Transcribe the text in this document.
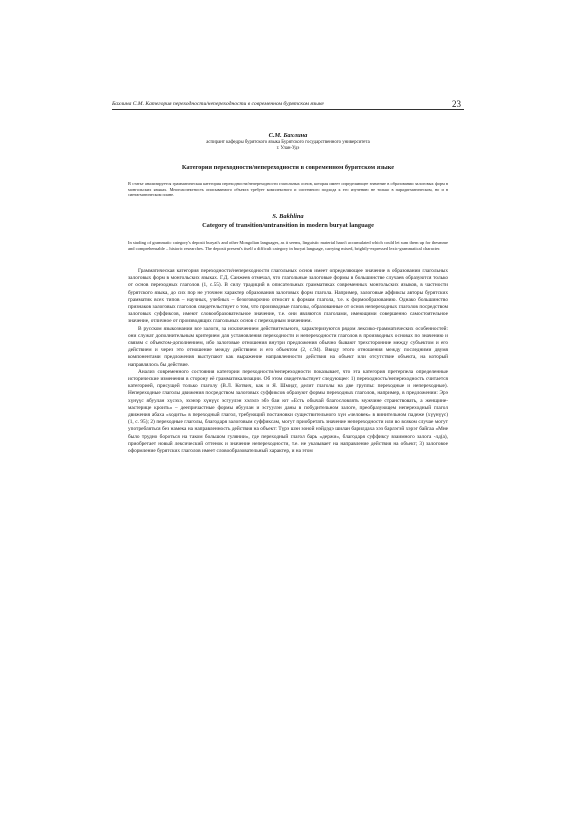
Бахлина С.М. Категория переходности/непереходности в современном бурятском языке	23
С.М. Бахлина
аспирант кафедры бурятского языка Бурятского государственного университета
г. Улан-Удэ
Категория переходности/непереходности в современном бурятском языке
В статье анализируется грамматическая категория переходности/непереходности глагольных основ, которая имеет определяющее значение в образовании залоговых форм в монгольских языках. Многоаспектность описываемого объекта требует комплексного и системного подхода к его изучению не только в парадигматическом, но и в синтагматическом плане.
S. Bakhlina
Category of transition/untransition in modern buryat language
In studing of grammatic category's deposit buryat's and other Mongolian languages, as it seems, linguistic material hasn't accumulated which could let sum them up for thesmme and comprehensable – historic researches. The deposit present's itself a difficult category in buryat language, carrying mixed, brightly-expressed lexic-grammatical character.

Грамматическая категория переходности/непереходности глагольных основ имеет определяющее значение в образовании глагольных залоговых форм в монгольских языках. Г.Д. Санжеев отмечал, что глагольные залоговые формы в большинстве случаев образуются только от основ переходных глаголов (1, с.55). В силу традиций в описательных грамматиках современных монгольских языков, в частности бурятского языка, до сих пор не уточнен характер образования залоговых форм глагола. Например, залоговые аффиксы авторы бурятских грамматик всех типов – научных, учебных – безоговорочно относят к формам глагола, т.е. к формообразованию. Однако большинство признаков залоговых глаголов свидетельствует о том, что производные глаголы, образованные от основ непереходных глаголов посредством залоговых суффиксов, имеют словообразовательное значение, т.е. они являются глаголами, имеющими совершенно самостоятельное значение, отличное от производящих глагольных основ с переходным значением.

В русском языкознании все залоги, за исключением действительного, характеризуются рядом лексико-грамматических особенностей: они служат дополнительным критерием для установления переходности и непереходности глаголов в производных основах по значению и связям с объектом-дополнением, ибо залоговые отношения внутри предложения обычно бывают трехсторонние между субъектом и его действием и через это отношение между действием и его объектом (2, с.94). Ввиду этого отношения между последними двумя компонентами предложения выступают как выражение направленности действия на объект или отсутствие объекта, на который направлялось бы действие.

Анализ современного состояния категории переходности/непереходности показывает, что эта категория претерпела определенные исторические изменения в сторону её грамматикализации. Об этом свидетельствует следующее: 1) переходность/непереходность считается категорией, присущей только глаголу (В.Л. Котвич, как и Я. Шмидт, делит глаголы на две группы: переходные и непереходные). Непереходные глаголы движения посредством залоговых суффиксов образуют формы переходных глаголов, например, в предложении: Эрэ хүнүүс ябуулан хүсэхэ, эхэнэр хүнүүс эсгуулэн хэлэлэ эбэ баи ют «Есть обычай благословлять мужчине странствовать, а женщине-мастерице кроить» – деепричастные формы ябуулан и эсгуулэн даны в побудительном залоге, преобразующем непереходный глагол движения абаха «ходить» в переходный глагол, требующий постановки существительного хүн «человек» в винительном падеже (хүүнүүс) (1, с. 95); 2) переходные глаголы, благодаря залоговым суффиксам, могут приобретать значение непереходности или во всяком случае могут употребляться без намека на направленность действия на объект: Түрэ шэн зоной нэйдэдэ шилан барилдаха хэз барлэгэй хэрэг байгаа «Мне было трудно бороться на таком большом гулянии», где переходный глагол барь «держи», благодаря суффиксу взаимного залога -лд(а), приобретает новый лексический оттенок и значение непереходности, т.е. не указывает на направление действия на объект; 3) залоговое оформление бурятских глаголов имеет словообразовательный характер, и на этом
